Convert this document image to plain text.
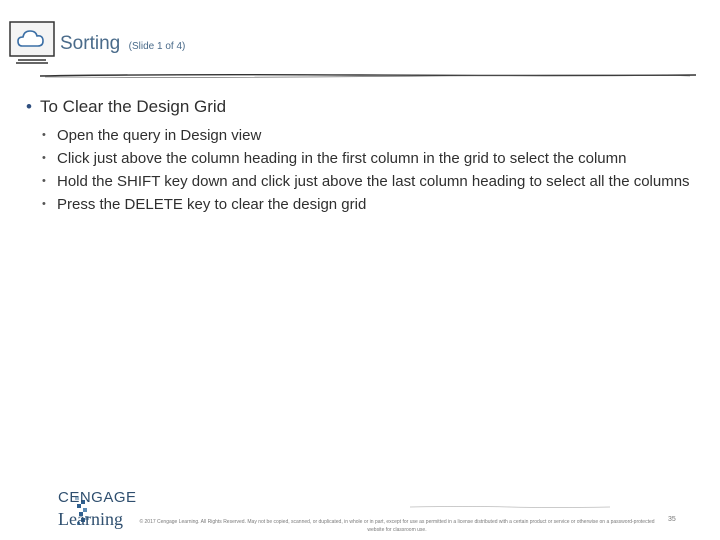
Sorting (Slide 1 of 4)
• To Clear the Design Grid
• Open the query in Design view
• Click just above the column heading in the first column in the grid to select the column
• Hold the SHIFT key down and click just above the last column heading to select all the columns
• Press the DELETE key to clear the design grid
CENGAGE
Learning	© 2017 Cengage Learning. All Rights Reserved. May not be copied, scanned, or duplicated, in whole or in part, except for use as permitted in a license distributed with a certain product or service or otherwise on a password-protected website for classroom use.
35
